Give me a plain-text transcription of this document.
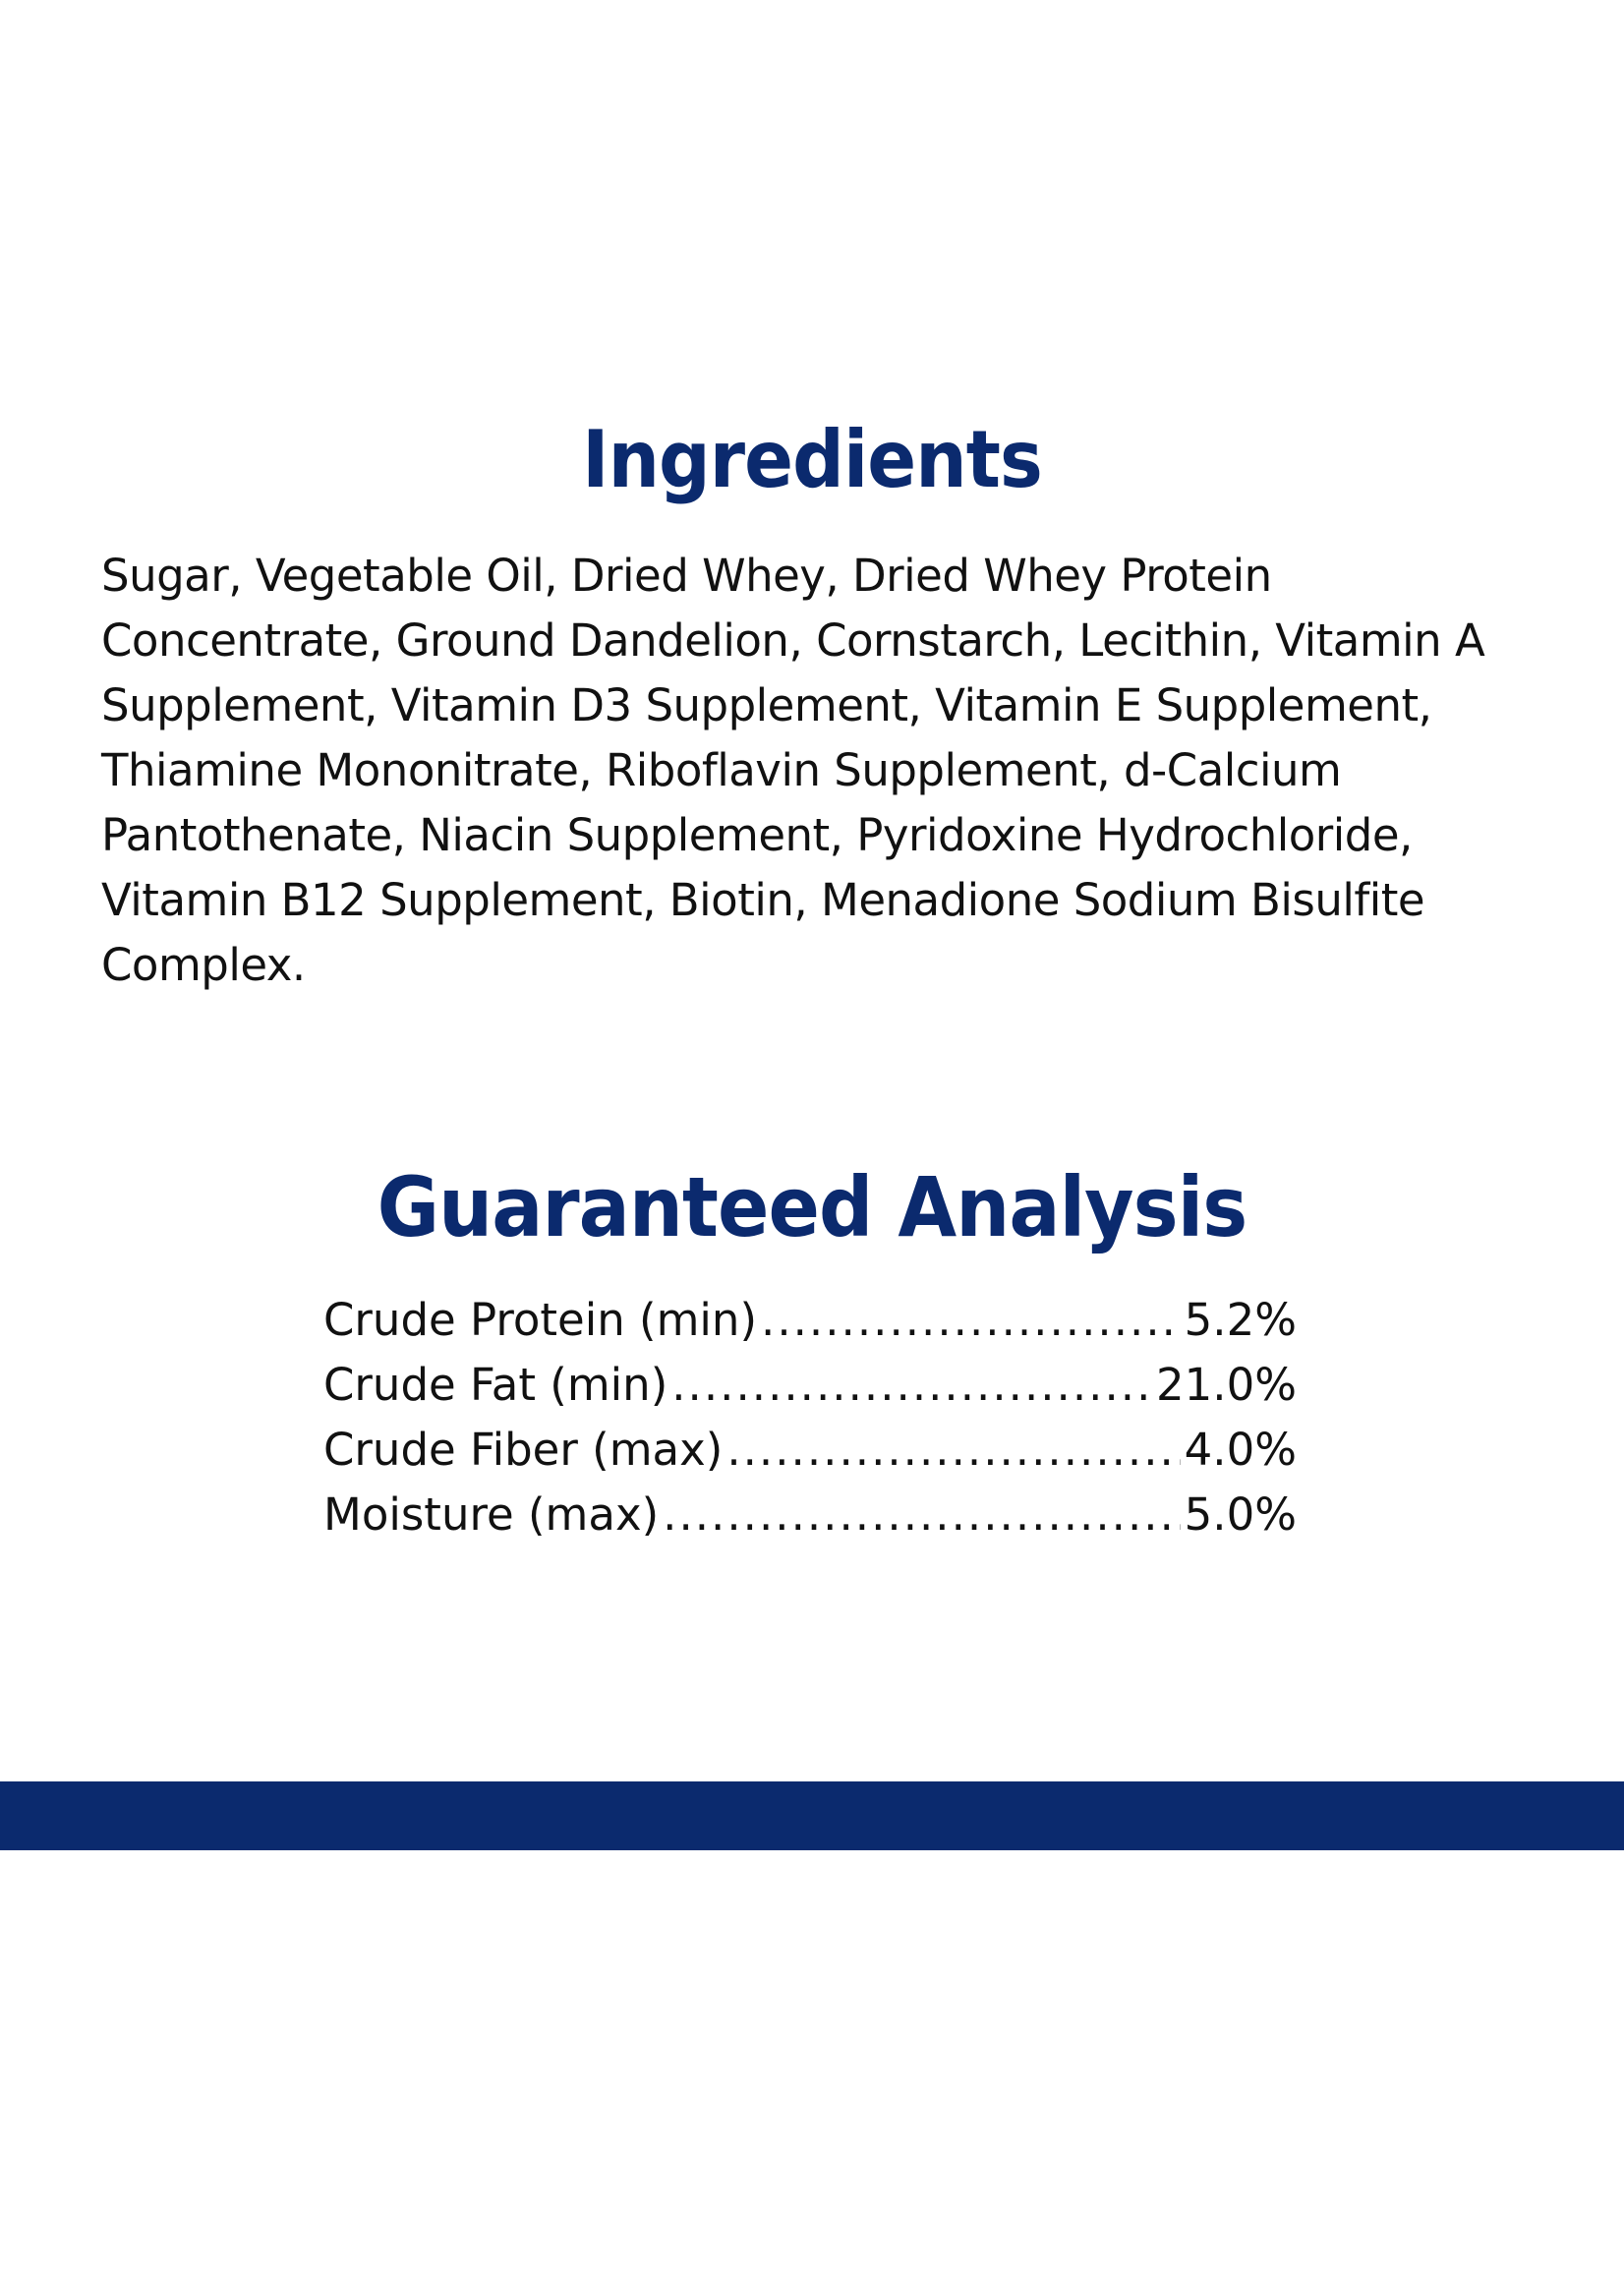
Ingredients

Sugar, Vegetable Oil, Dried Whey, Dried Whey Protein
Concentrate, Ground Dandelion, Cornstarch, Lecithin, Vitamin A
Supplement, Vitamin D3 Supplement, Vitamin E Supplement,
Thiamine Mononitrate, Riboflavin Supplement, d-Calcium
Pantothenate, Niacin Supplement, Pyridoxine Hydrochloride,
Vitamin B12 Supplement, Biotin, Menadione Sodium Bisulfite
Complex.

Guaranteed Analysis
Crude Protein (min) .....	5.2%
Crude Fat (min) .....	21.0%
Crude Fiber (max) .....	4.0%
Moisture (max) .....	5.0%
